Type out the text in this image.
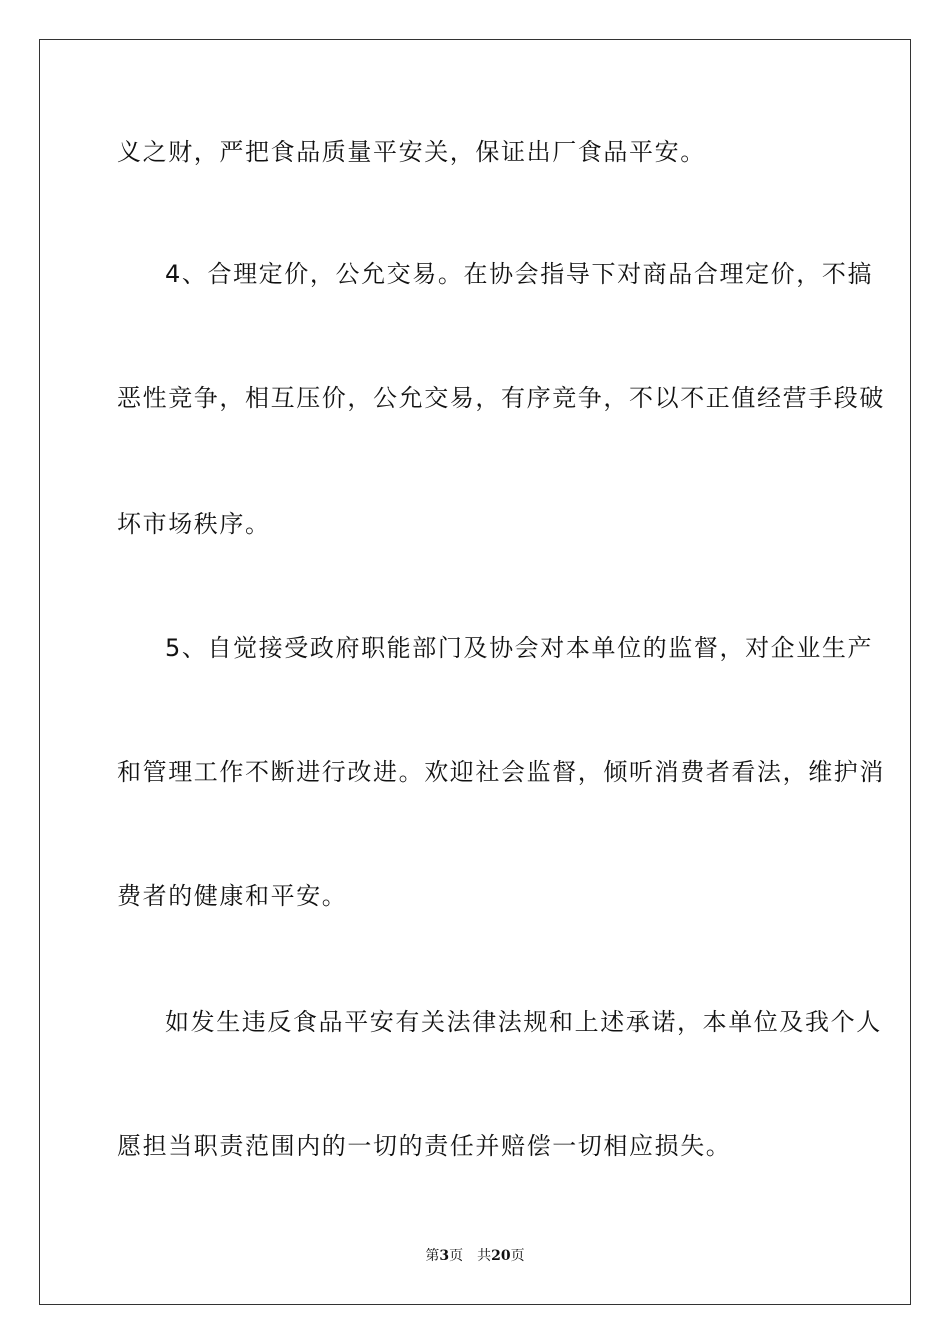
义之财，严把食品质量平安关，保证出厂食品平安。
4、合理定价，公允交易。在协会指导下对商品合理定价，不搞
恶性竞争，相互压价，公允交易，有序竞争，不以不正值经营手段破
坏市场秩序。
5、自觉接受政府职能部门及协会对本单位的监督，对企业生产
和管理工作不断进行改进。欢迎社会监督，倾听消费者看法，维护消
费者的健康和平安。
如发生违反食品平安有关法律法规和上述承诺，本单位及我个人
愿担当职责范围内的一切的责任并赔偿一切相应损失。
第3页 共20页
